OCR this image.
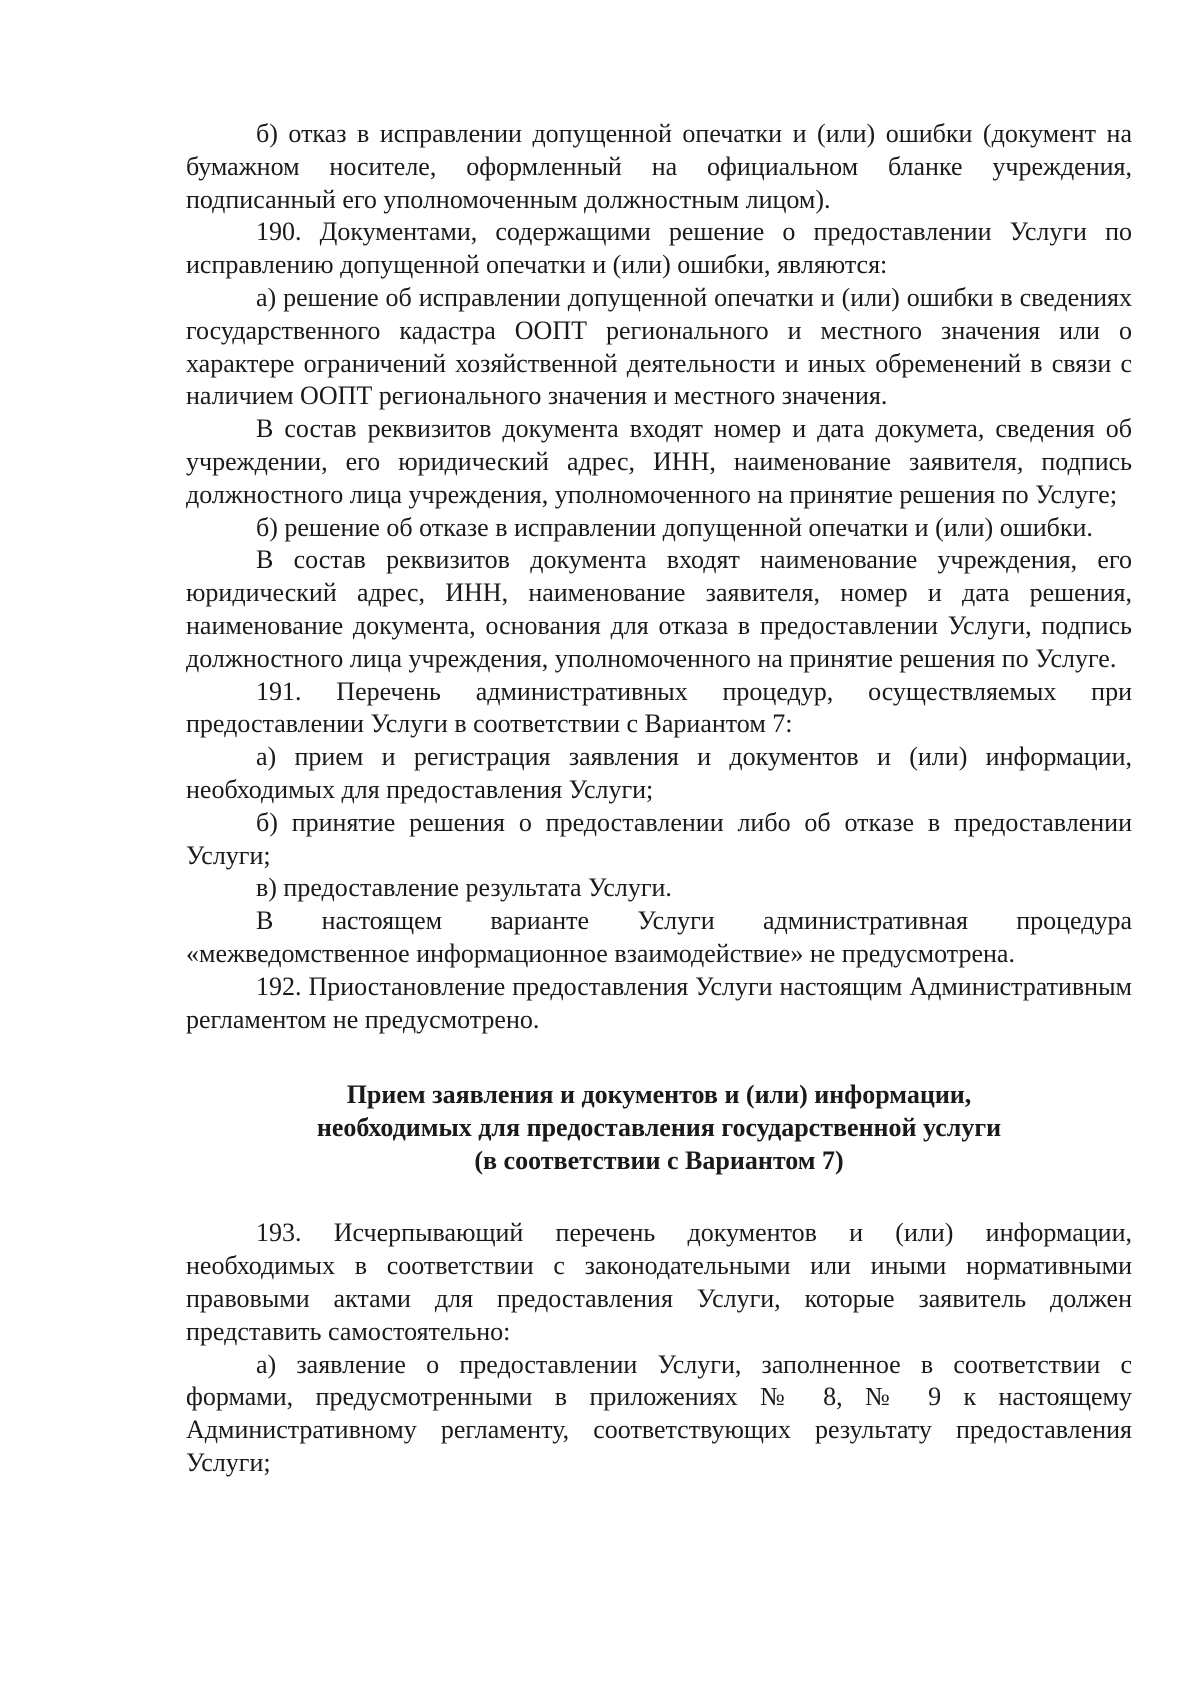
б) отказ в исправлении допущенной опечатки и (или) ошибки (документ на бумажном носителе, оформленный на официальном бланке учреждения, подписанный его уполномоченным должностным лицом).

190. Документами, содержащими решение о предоставлении Услуги по исправлению допущенной опечатки и (или) ошибки, являются:

а) решение об исправлении допущенной опечатки и (или) ошибки в сведениях государственного кадастра ООПТ регионального и местного значения или о характере ограничений хозяйственной деятельности и иных обременений в связи с наличием ООПТ регионального значения и местного значения.

В состав реквизитов документа входят номер и дата докумета, сведения об учреждении, его юридический адрес, ИНН, наименование заявителя, подпись должностного лица учреждения, уполномоченного на принятие решения по Услуге;

б) решение об отказе в исправлении допущенной опечатки и (или) ошибки.

В состав реквизитов документа входят наименование учреждения, его юридический адрес, ИНН, наименование заявителя, номер и дата решения, наименование документа, основания для отказа в предоставлении Услуги, подпись должностного лица учреждения, уполномоченного на принятие решения по Услуге.

191. Перечень административных процедур, осуществляемых при предоставлении Услуги в соответствии с Вариантом 7:

а) прием и регистрация заявления и документов и (или) информации, необходимых для предоставления Услуги;

б) принятие решения о предоставлении либо об отказе в предоставлении Услуги;

в) предоставление результата Услуги.

В настоящем варианте Услуги административная процедура «межведомственное информационное взаимодействие» не предусмотрена.

192. Приостановление предоставления Услуги настоящим Административным регламентом не предусмотрено.

Прием заявления и документов и (или) информации,
необходимых для предоставления государственной услуги
(в соответствии с Вариантом 7)

193. Исчерпывающий перечень документов и (или) информации, необходимых в соответствии с законодательными или иными нормативными правовыми актами для предоставления Услуги, которые заявитель должен представить самостоятельно:

а) заявление о предоставлении Услуги, заполненное в соответствии с формами, предусмотренными в приложениях № 8, № 9 к настоящему Административному регламенту, соответствующих результату предоставления Услуги;
